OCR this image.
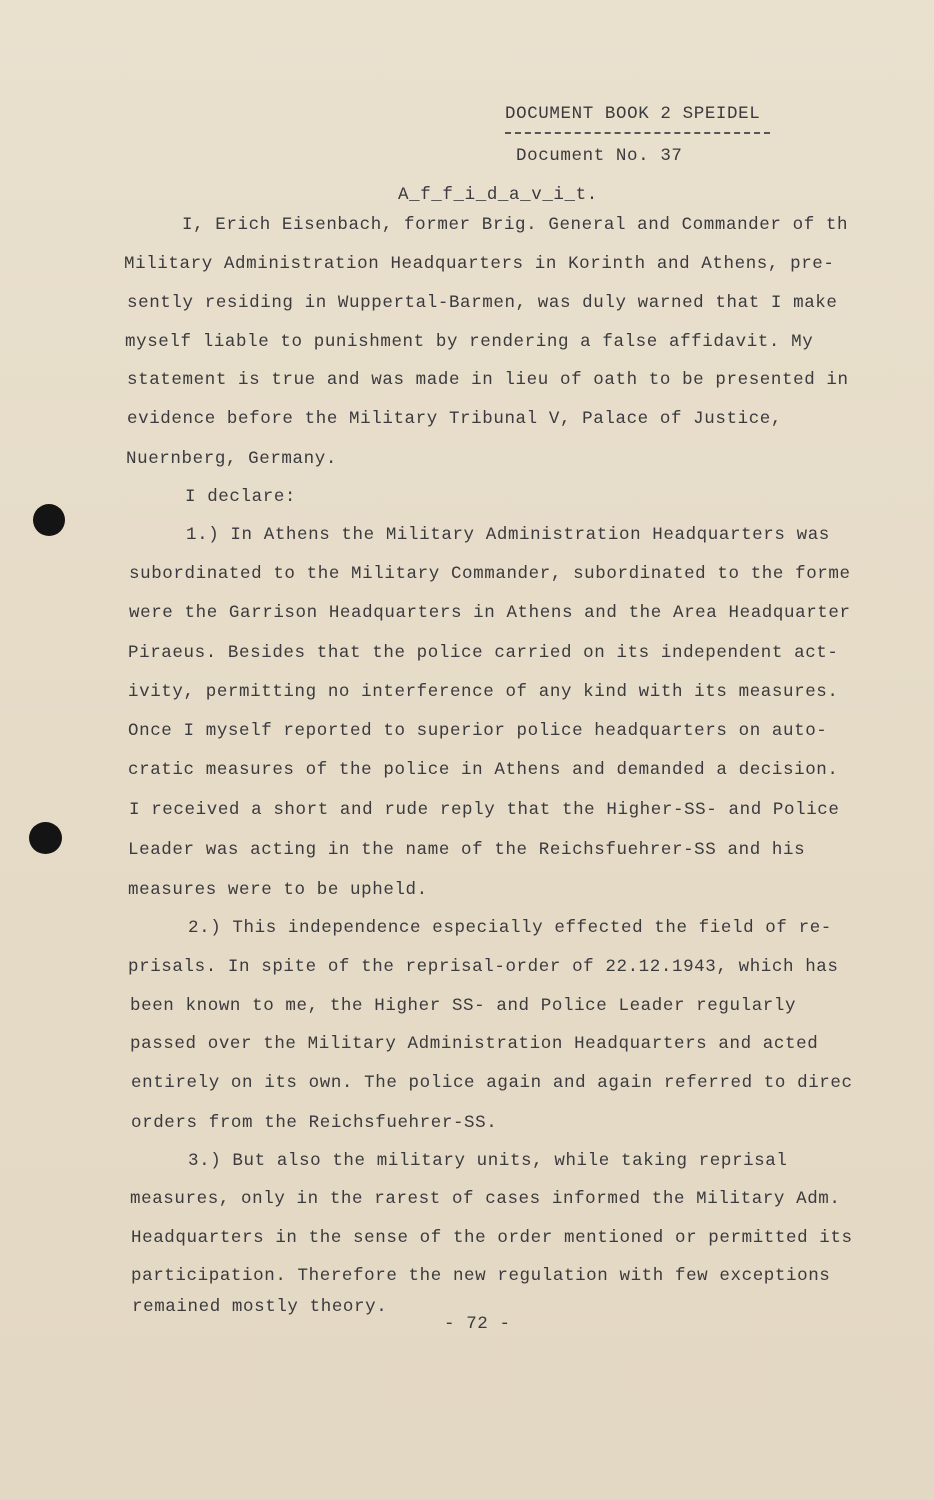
DOCUMENT BOOK 2 SPEIDEL
Document No. 37
A_f_f_i_d_a_v_i_t.
I, Erich Eisenbach, former Brig. General and Commander of th
Military Administration Headquarters in Korinth and Athens, pre-
sently residing in Wuppertal-Barmen, was duly warned that I make
myself liable to punishment by rendering a false affidavit. My
statement is true and was made in lieu of oath to be presented in
evidence before the Military Tribunal V, Palace of Justice,
Nuernberg, Germany.
I declare:
1.) In Athens the Military Administration Headquarters was
subordinated to the Military Commander, subordinated to the forme
were the Garrison Headquarters in Athens and the Area Headquarter
Piraeus. Besides that the police carried on its independent act-
ivity, permitting no interference of any kind with its measures.
Once I myself reported to superior police headquarters on auto-
cratic measures of the police in Athens and demanded a decision.
I received a short and rude reply that the Higher-SS- and Police
Leader was acting in the name of the Reichsfuehrer-SS and his
measures were to be upheld.
2.) This independence especially effected the field of re-
prisals. In spite of the reprisal-order of 22.12.1943, which has
been known to me, the Higher SS- and Police Leader regularly
passed over the Military Administration Headquarters and acted
entirely on its own. The police again and again referred to direc
orders from the Reichsfuehrer-SS.
3.) But also the military units, while taking reprisal
measures, only in the rarest of cases informed the Military Adm.
Headquarters in the sense of the order mentioned or permitted its
participation. Therefore the new regulation with few exceptions
remained mostly theory.
- 72 -
